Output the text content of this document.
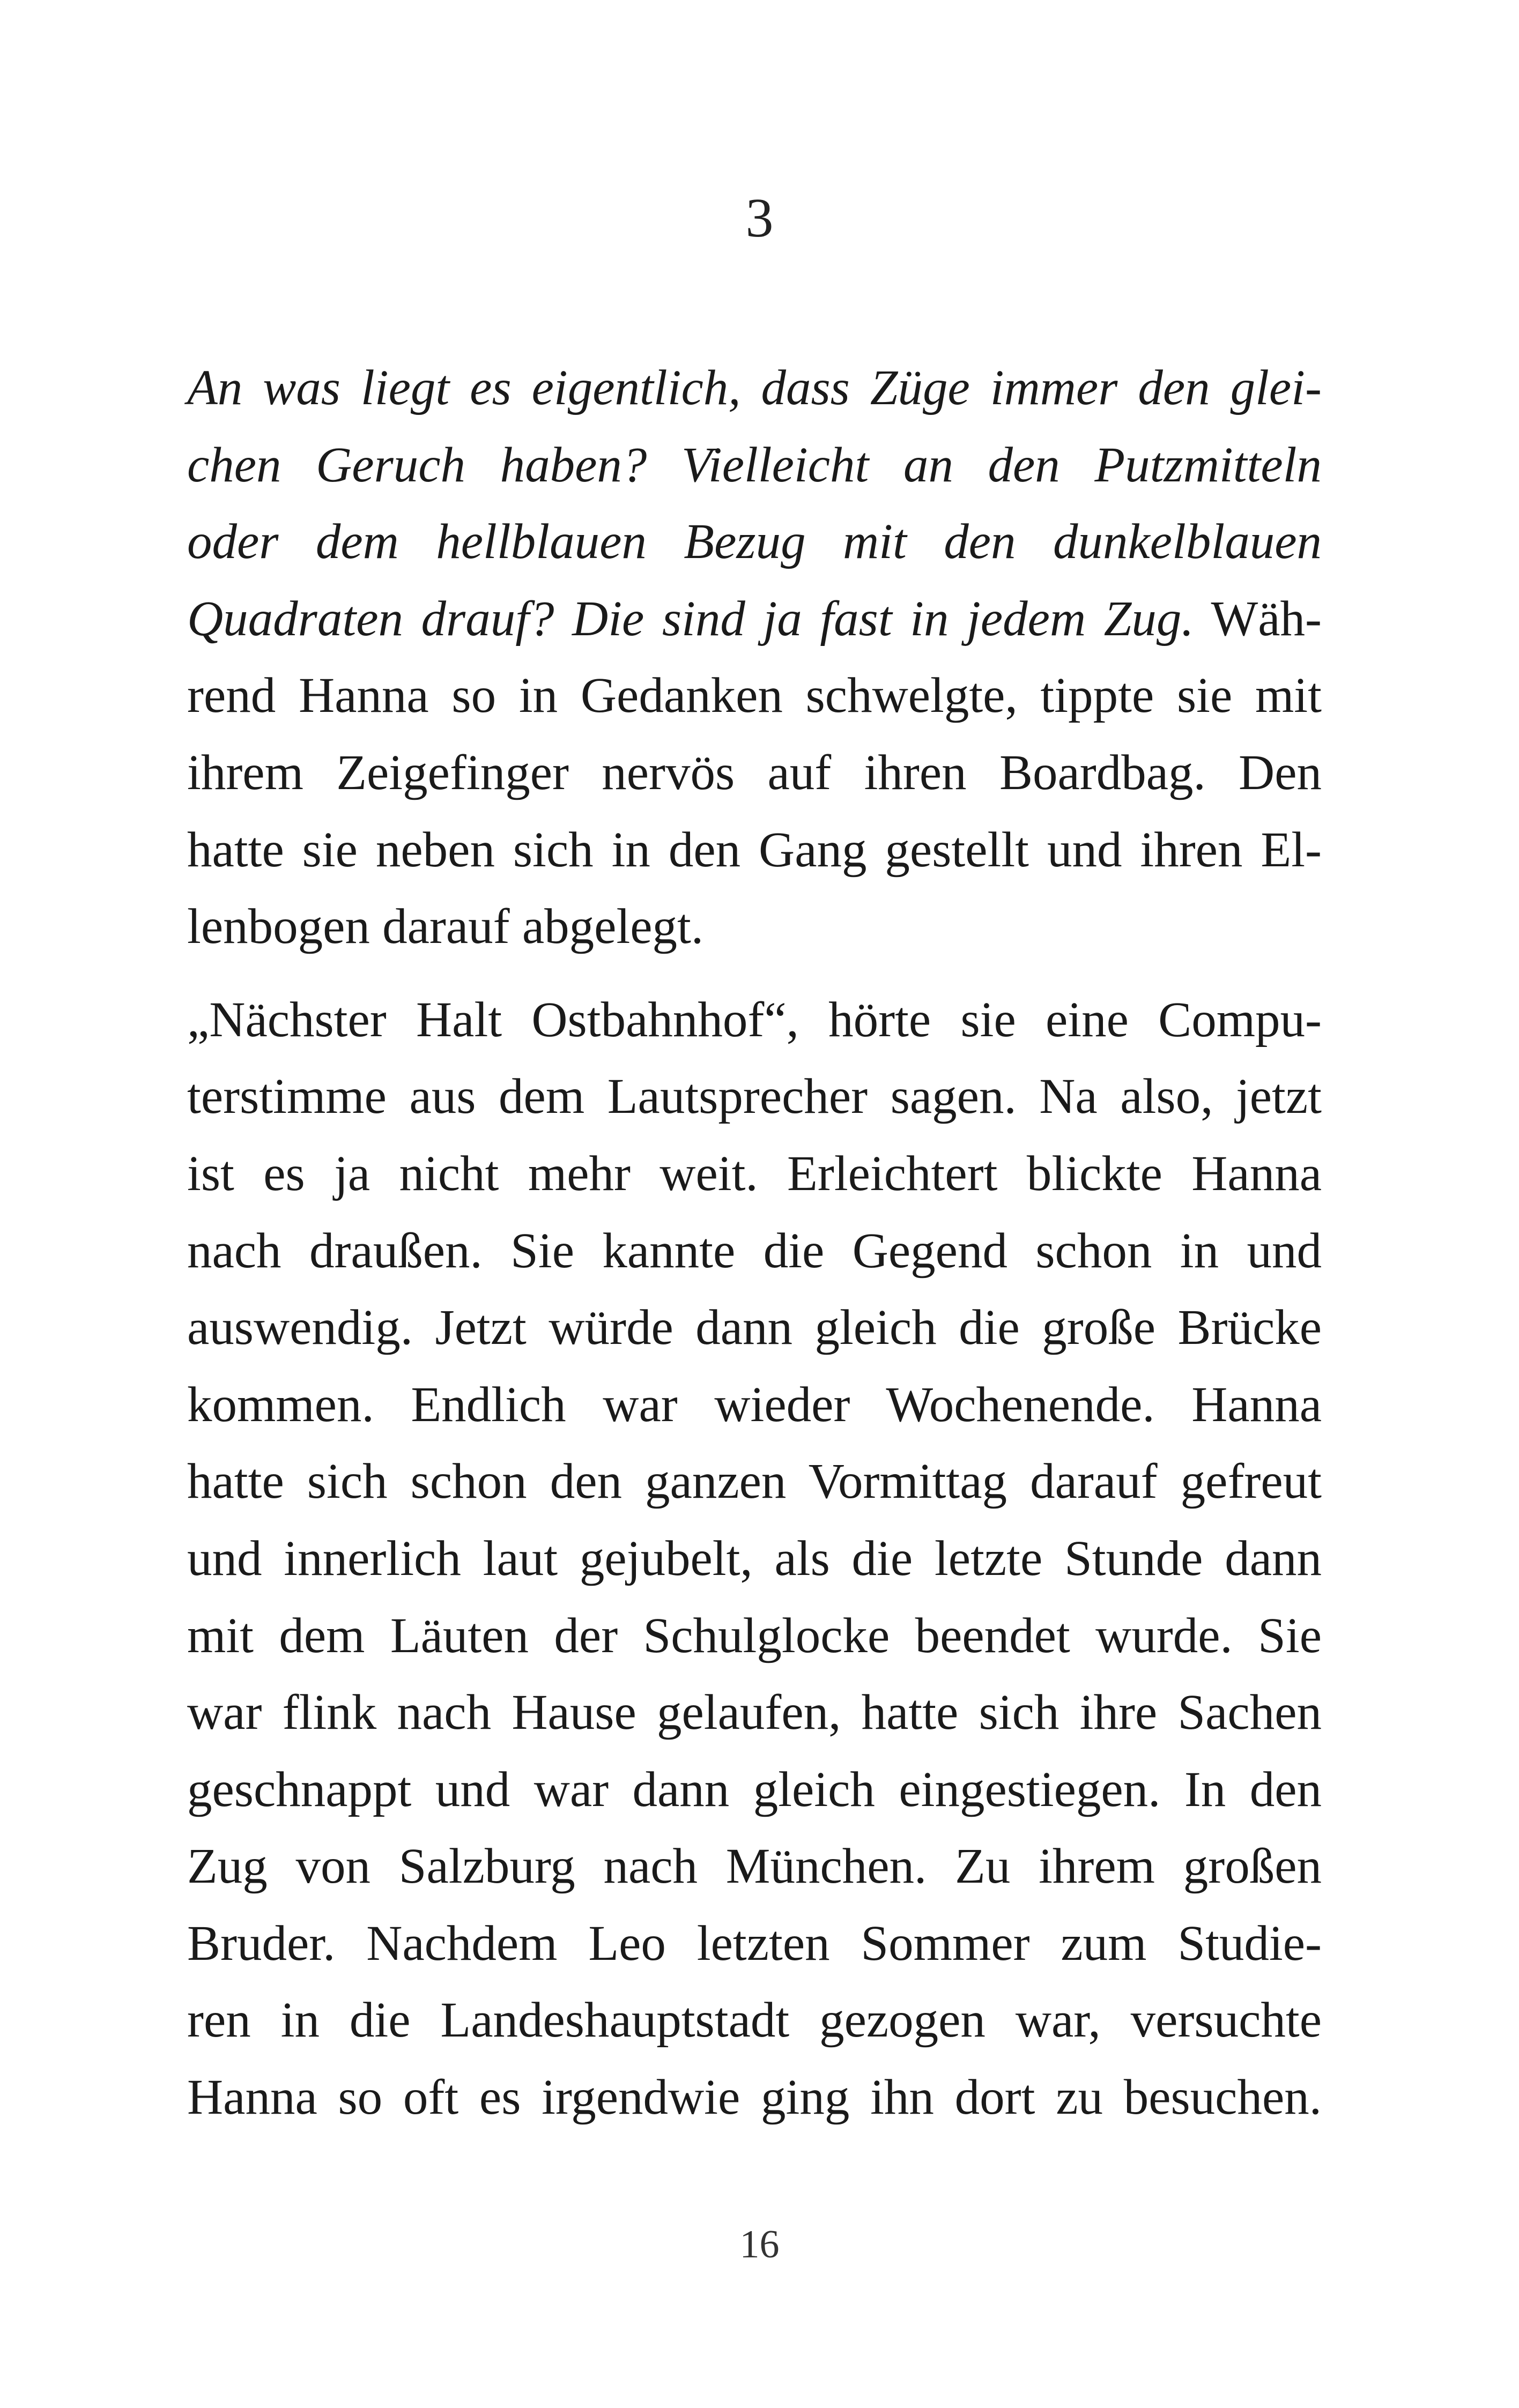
3
An was liegt es eigentlich, dass Züge immer den glei-
chen Geruch haben? Vielleicht an den Putzmitteln
oder dem hellblauen Bezug mit den dunkelblauen
Quadraten drauf? Die sind ja fast in jedem Zug. Wäh-
rend Hanna so in Gedanken schwelgte, tippte sie mit
ihrem Zeigefinger nervös auf ihren Boardbag. Den
hatte sie neben sich in den Gang gestellt und ihren El-
lenbogen darauf abgelegt.
„Nächster Halt Ostbahnhof“, hörte sie eine Compu-
terstimme aus dem Lautsprecher sagen. Na also, jetzt
ist es ja nicht mehr weit. Erleichtert blickte Hanna
nach draußen. Sie kannte die Gegend schon in und
auswendig. Jetzt würde dann gleich die große Brücke
kommen. Endlich war wieder Wochenende. Hanna
hatte sich schon den ganzen Vormittag darauf gefreut
und innerlich laut gejubelt, als die letzte Stunde dann
mit dem Läuten der Schulglocke beendet wurde. Sie
war flink nach Hause gelaufen, hatte sich ihre Sachen
geschnappt und war dann gleich eingestiegen. In den
Zug von Salzburg nach München. Zu ihrem großen
Bruder. Nachdem Leo letzten Sommer zum Studie-
ren in die Landeshauptstadt gezogen war, versuchte
Hanna so oft es irgendwie ging ihn dort zu besuchen.
16
